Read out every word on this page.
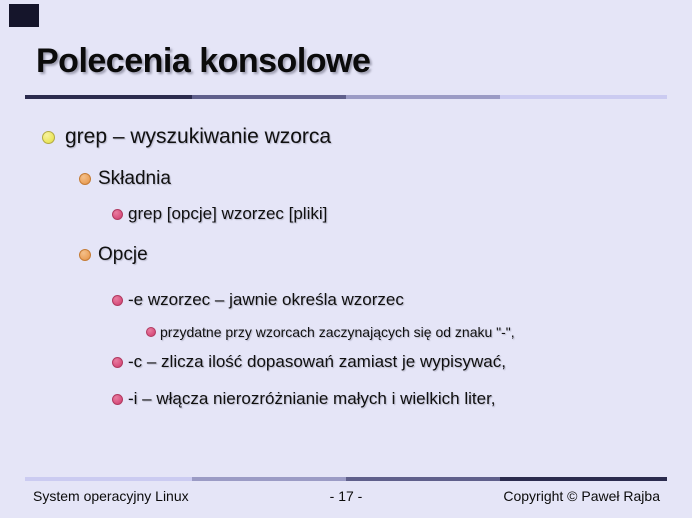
Polecenia konsolowe
grep – wyszukiwanie wzorca
Składnia
grep [opcje] wzorzec [pliki]
Opcje
-e wzorzec – jawnie określa wzorzec
przydatne przy wzorcach zaczynających się od znaku "-",
-c – zlicza ilość dopasowań zamiast je wypisywać,
-i – włącza nierozróżnianie małych i wielkich liter,
System operacyjny Linux	- 17 -	Copyright © Paweł Rajba
